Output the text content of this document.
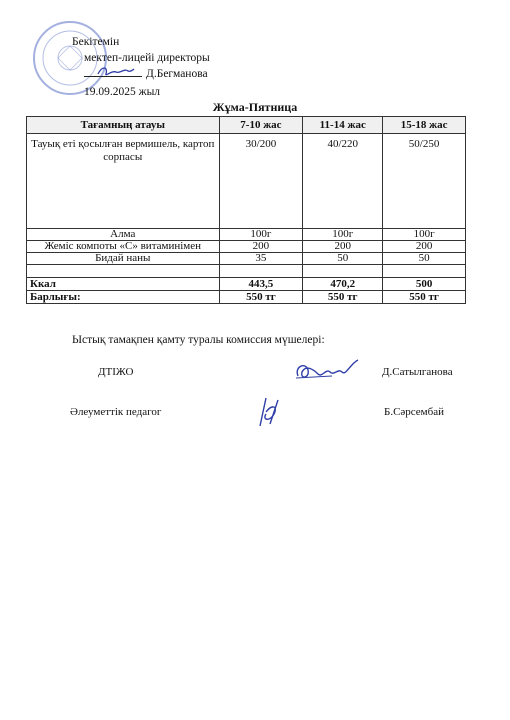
Бекітемін
мектеп-лицейі директоры
Д.Бегманова
19.09.2025 жыл
Жұма-Пятница
Тағамның атауы	7-10 жас	11-14 жас	15-18 жас
Тауық еті қосылған вермишель, картоп сорпасы	30/200	40/220	50/250
Алма	100г	100г	100г
Жеміс компоты «С» витаминімен	200	200	200
Бидай наны	35	50	50

Ккал	443,5	470,2	500
Барлығы:	550 тг	550 тг	550 тг
Ыстық тамақпен қамту туралы комиссия мүшелері:
ДТІЖО	Д.Сатылганова
Әлеуметтік педагог	Б.Сәрсембай
